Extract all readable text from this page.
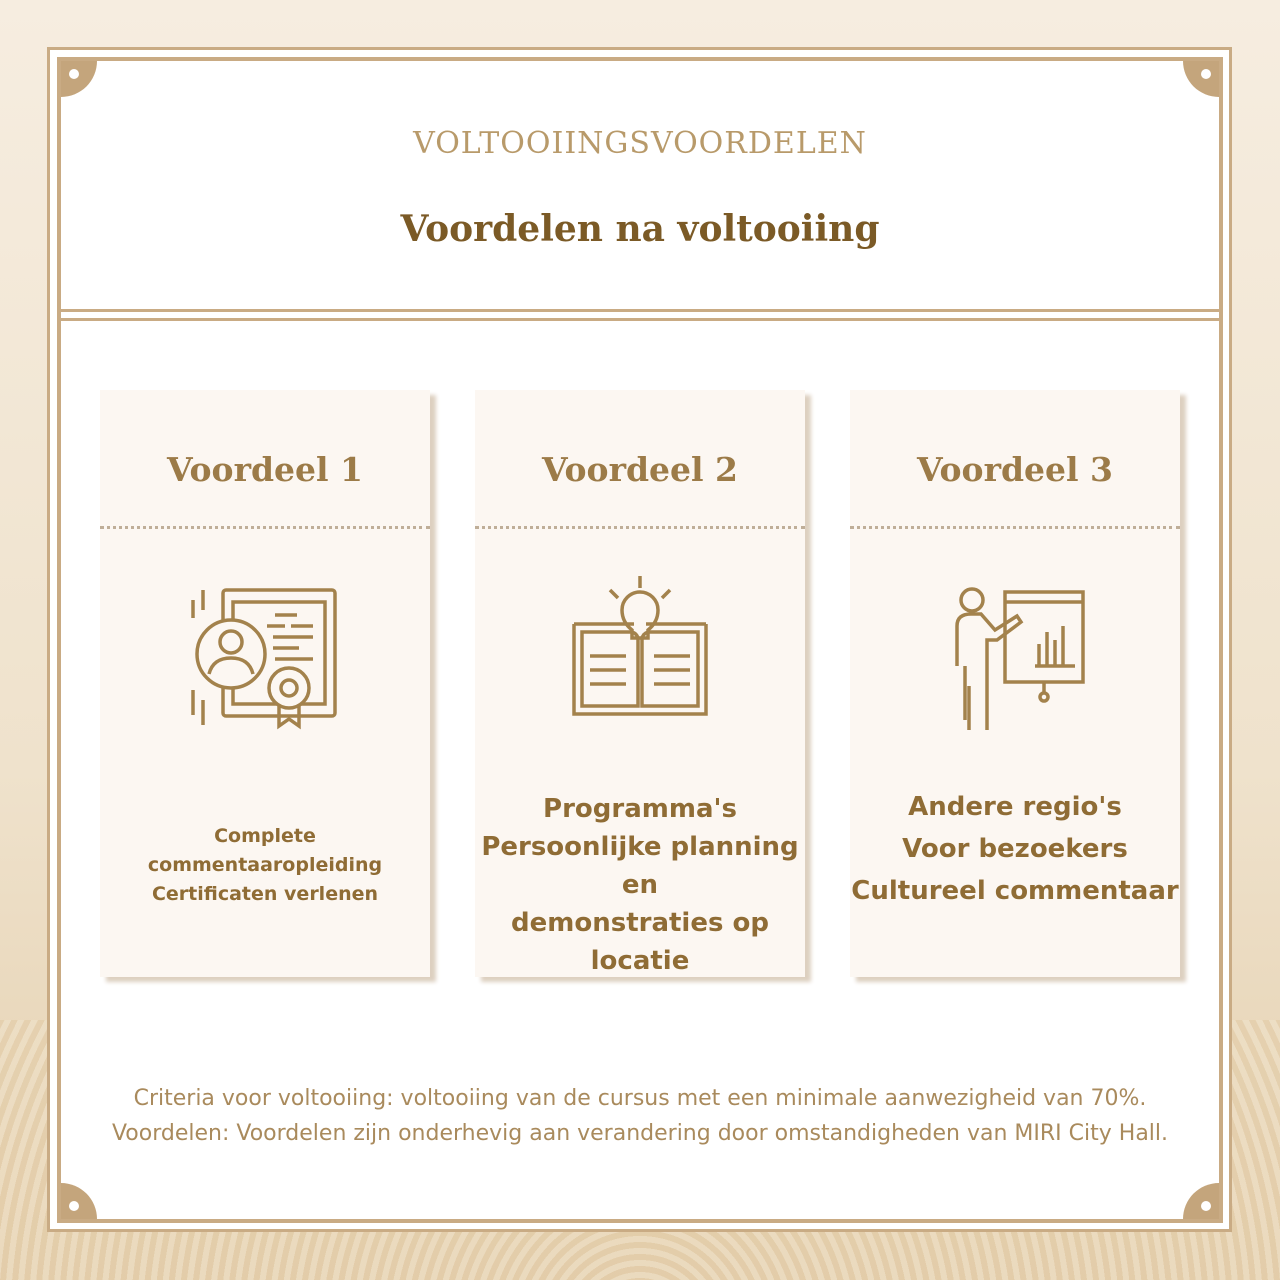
VOLTOOIINGSVOORDELEN
Voordelen na voltooiing
Voordeel 1
Complete commentaaropleiding
Certificaten verlenen
Voordeel 2
Programma's
Persoonlijke planning en
demonstraties op locatie
Voordeel 3
Andere regio's
Voor bezoekers
Cultureel commentaar
Criteria voor voltooiing: voltooiing van de cursus met een minimale aanwezigheid van 70%.
Voordelen: Voordelen zijn onderhevig aan verandering door omstandigheden van MIRI City Hall.
